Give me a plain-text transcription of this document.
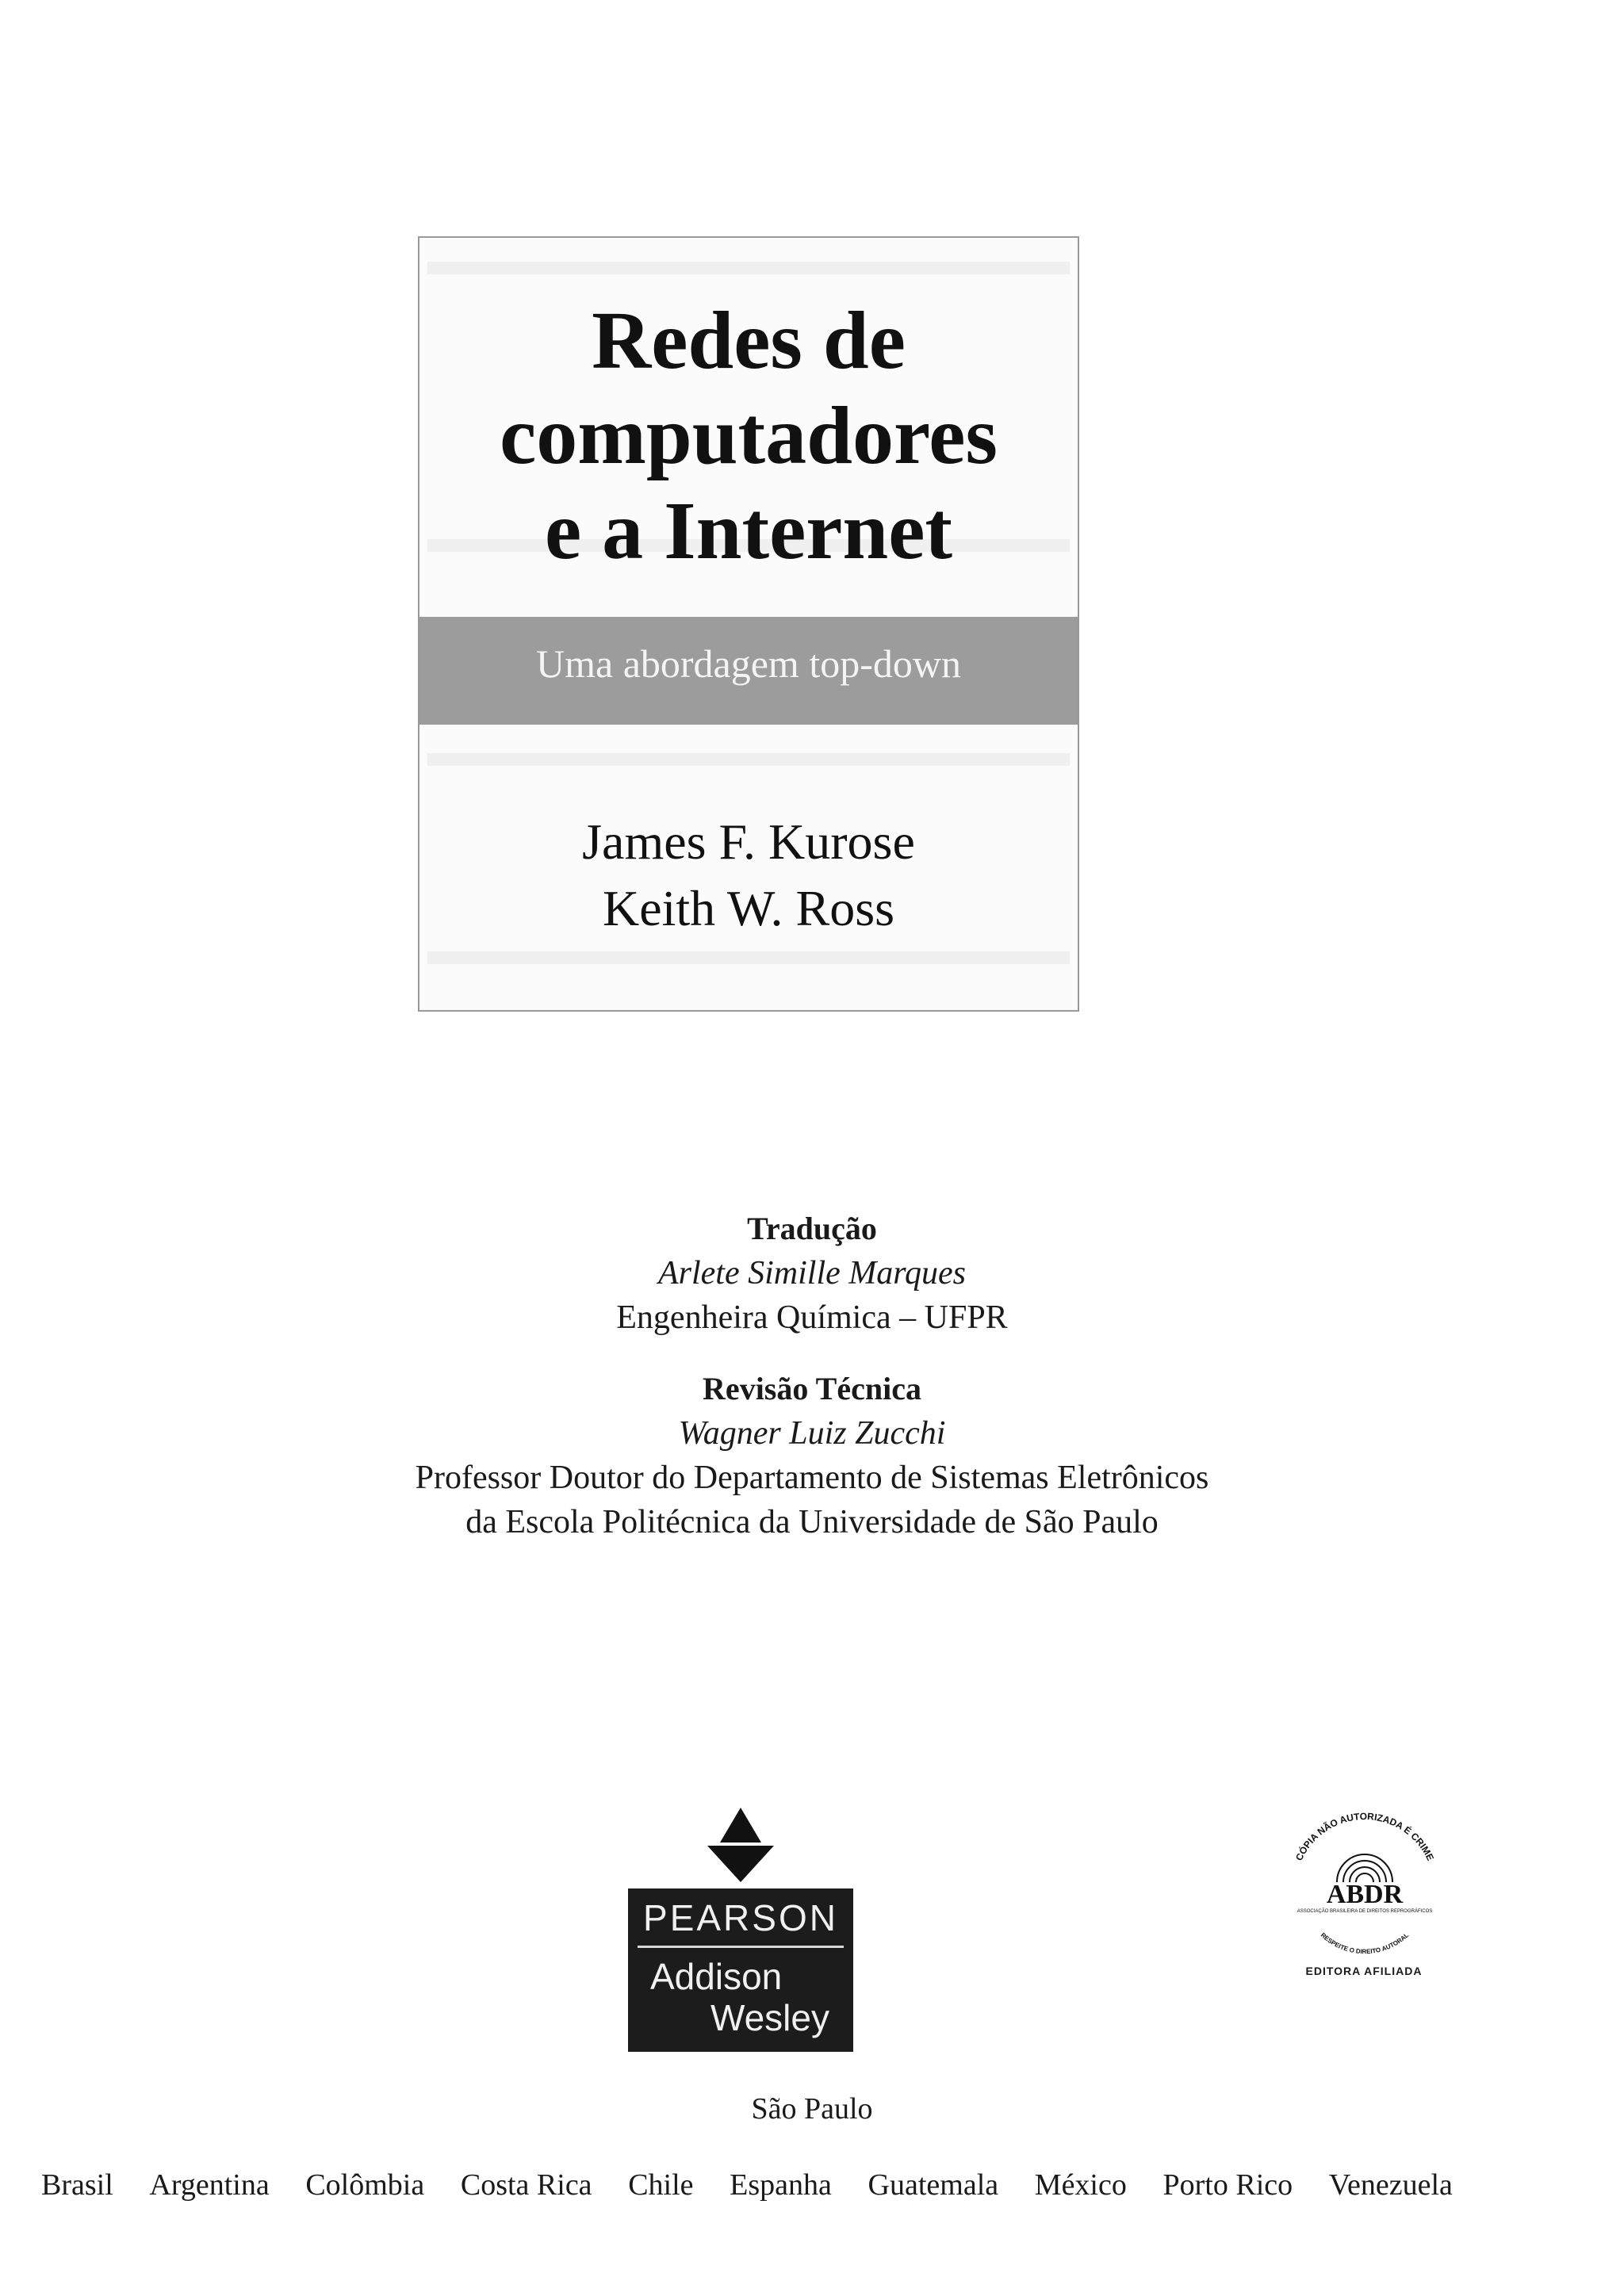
Redes de
computadores
e a Internet
Uma abordagem top-down
James F. Kurose
Keith W. Ross
Tradução
Arlete Simille Marques
Engenheira Química – UFPR
Revisão Técnica
Wagner Luiz Zucchi
Professor Doutor do Departamento de Sistemas Eletrônicos
da Escola Politécnica da Universidade de São Paulo
PEARSON
Addison
Wesley
CÓPIA NÃO AUTORIZADA É CRIME
ABDR
ASSOCIAÇÃO BRASILEIRA DE DIREITOS REPROGRÁFICOS
RESPEITE O DIREITO AUTORAL
EDITORA AFILIADA
São Paulo
Brasil Argentina Colômbia Costa Rica Chile Espanha Guatemala México Porto Rico Venezuela
